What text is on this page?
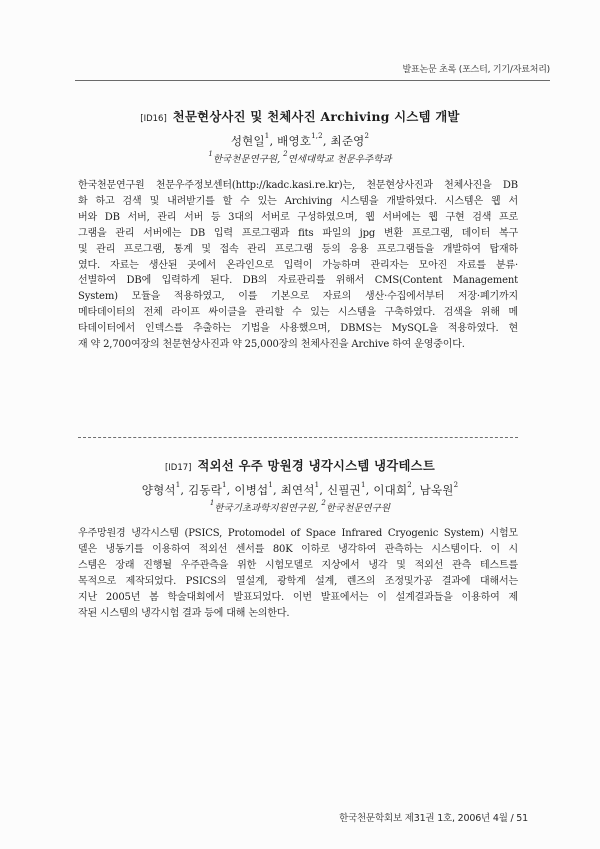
발표논문 초록 (포스터, 기기/자료처리)
[ID16] 천문현상사진 및 천체사진 Archiving 시스템 개발
성현일$^1$, 배영호$^{1,2}$, 최준영$^2$
$^1$한국천문연구원, $^2$연세대학교 천문우주학과
한국천문연구원 천문우주정보센터(http://kadc.kasi.re.kr)는, 천문현상사진과 천체사진을 DB
화 하고 검색 및 내려받기를 할 수 있는 Archiving 시스템을 개발하였다. 시스템은 웹 서
버와 DB 서버, 관리 서버 등 3대의 서버로 구성하였으며, 웹 서버에는 웹 구현 검색 프로
그램을 관리 서버에는 DB 입력 프로그램과 fits 파일의 jpg 변환 프로그램, 데이터 복구
및 관리 프로그램, 통계 및 접속 관리 프로그램 등의 응용 프로그램들을 개발하여 탑재하
였다. 자료는 생산된 곳에서 온라인으로 입력이 가능하며 관리자는 모아진 자료를 분류·
선별하여 DB에 입력하게 된다. DB의 자료관리를 위해서 CMS(Content Management
System) 모듈을 적용하였고, 이를 기본으로 자료의 생산·수집에서부터 저장·폐기까지
메타데이터의 전체 라이프 싸이클을 관리할 수 있는 시스템을 구축하였다. 검색을 위해 메
타데이터에서 인덱스를 추출하는 기법을 사용했으며, DBMS는 MySQL을 적용하였다. 현
재 약 2,700여장의 천문현상사진과 약 25,000장의 천체사진을 Archive 하여 운영중이다.
[ID17] 적외선 우주 망원경 냉각시스템 냉각테스트
양형석$^1$, 김동락$^1$, 이병섭$^1$, 최연석$^1$, 신필권$^1$, 이대희$^2$, 남욱원$^2$
$^1$한국기초과학지원연구원, $^2$한국천문연구원
우주망원경 냉각시스템 (PSICS, Protomodel of Space Infrared Cryogenic System) 시험모
델은 냉동기를 이용하여 적외선 센서를 80K 이하로 냉각하여 관측하는 시스템이다. 이 시
스템은 장래 진행될 우주관측을 위한 시험모델로 지상에서 냉각 및 적외선 관측 테스트를
목적으로 제작되었다. PSICS의 열설계, 광학계 설계, 렌즈의 조정및가공 결과에 대해서는
지난 2005년 봄 학술대회에서 발표되었다. 이번 발표에서는 이 설계결과들을 이용하여 제
작된 시스템의 냉각시험 결과 등에 대해 논의한다.
한국천문학회보 제31권 1호, 2006년 4월 / 51
